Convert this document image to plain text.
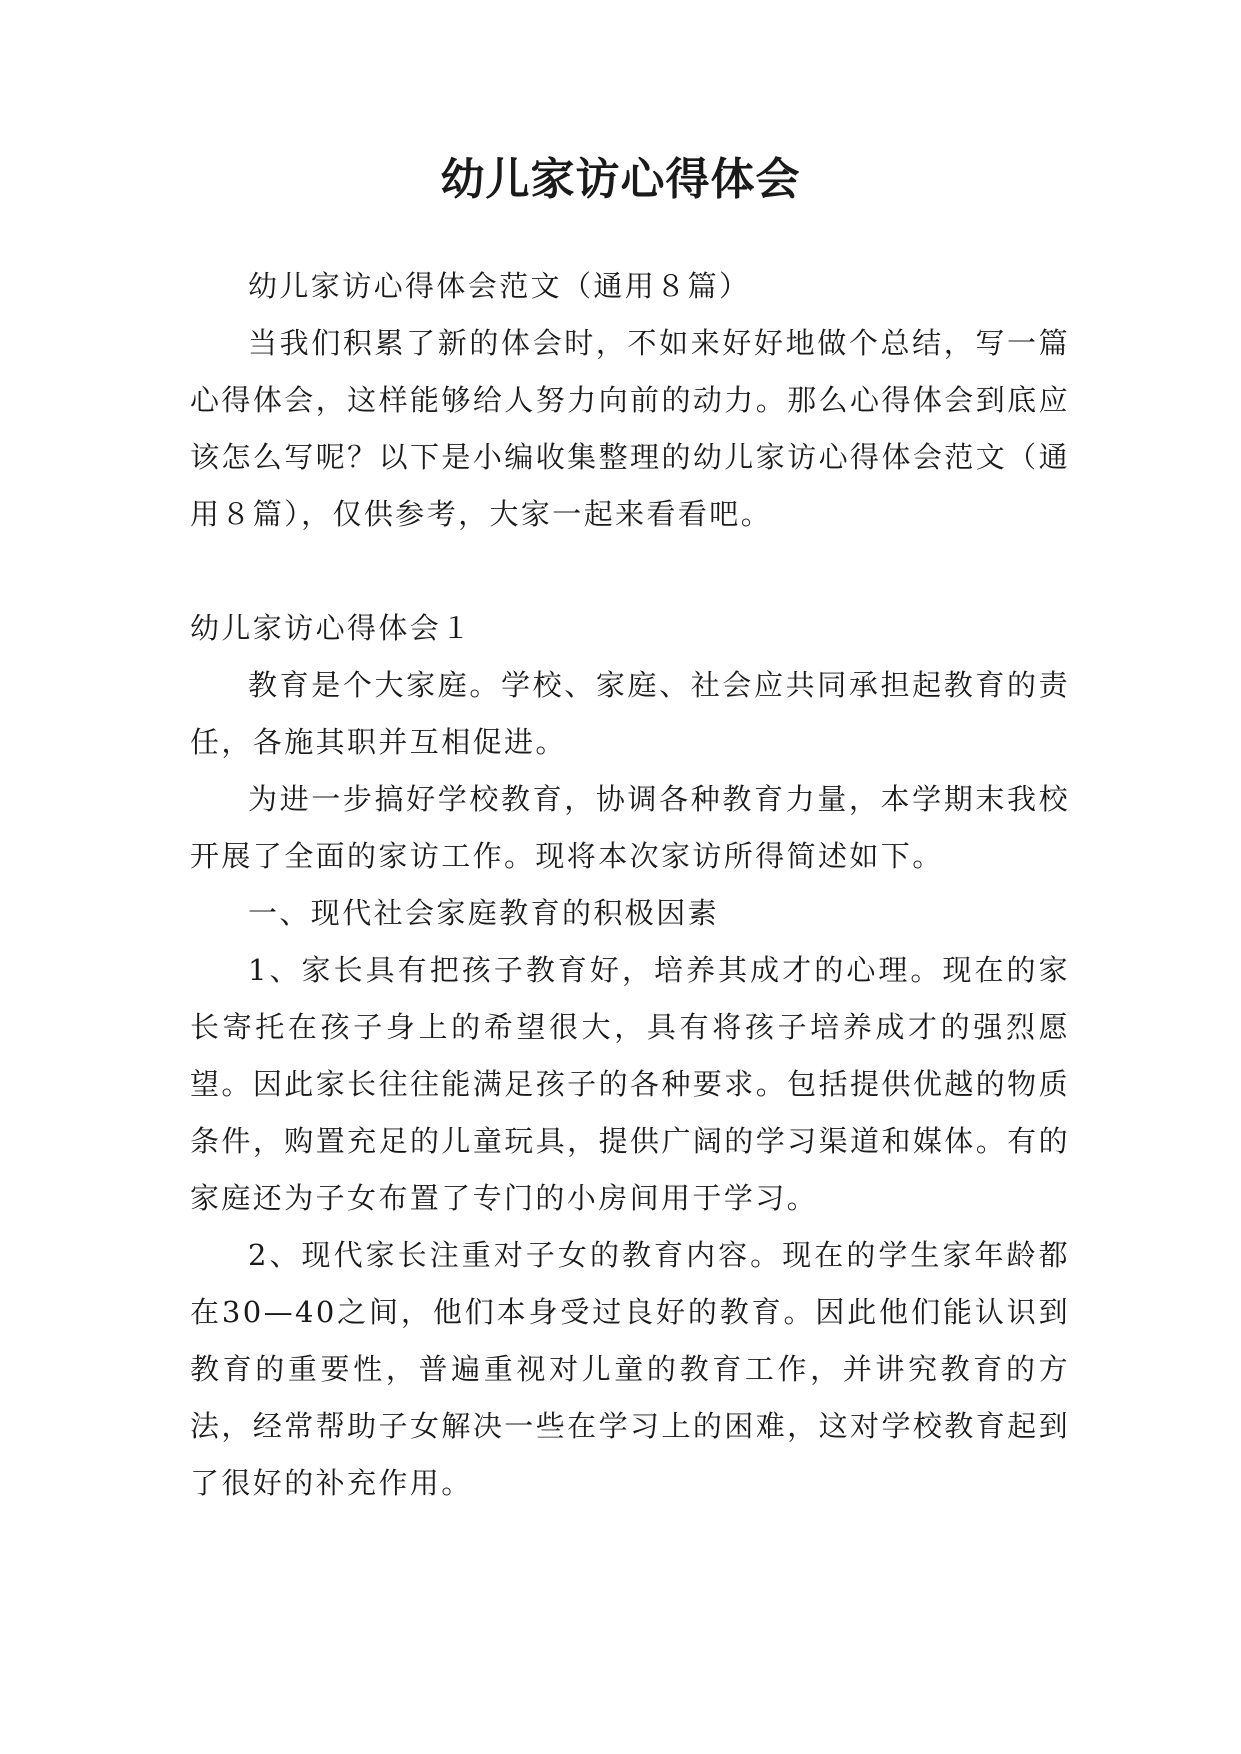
幼儿家访心得体会

幼儿家访心得体会范文（通用８篇）

当我们积累了新的体会时，不如来好好地做个总结，写一篇心得体会，这样能够给人努力向前的动力。那么心得体会到底应该怎么写呢？以下是小编收集整理的幼儿家访心得体会范文（通用８篇），仅供参考，大家一起来看看吧。

幼儿家访心得体会１

教育是个大家庭。学校、家庭、社会应共同承担起教育的责任，各施其职并互相促进。

为进一步搞好学校教育，协调各种教育力量，本学期末我校开展了全面的家访工作。现将本次家访所得简述如下。

一、现代社会家庭教育的积极因素

1、家长具有把孩子教育好，培养其成才的心理。现在的家长寄托在孩子身上的希望很大，具有将孩子培养成才的强烈愿望。因此家长往往能满足孩子的各种要求。包括提供优越的物质条件，购置充足的儿童玩具，提供广阔的学习渠道和媒体。有的家庭还为子女布置了专门的小房间用于学习。

2、现代家长注重对子女的教育内容。现在的学生家年龄都在30—40之间，他们本身受过良好的教育。因此他们能认识到教育的重要性，普遍重视对儿童的教育工作，并讲究教育的方法，经常帮助子女解决一些在学习上的困难，这对学校教育起到了很好的补充作用。
